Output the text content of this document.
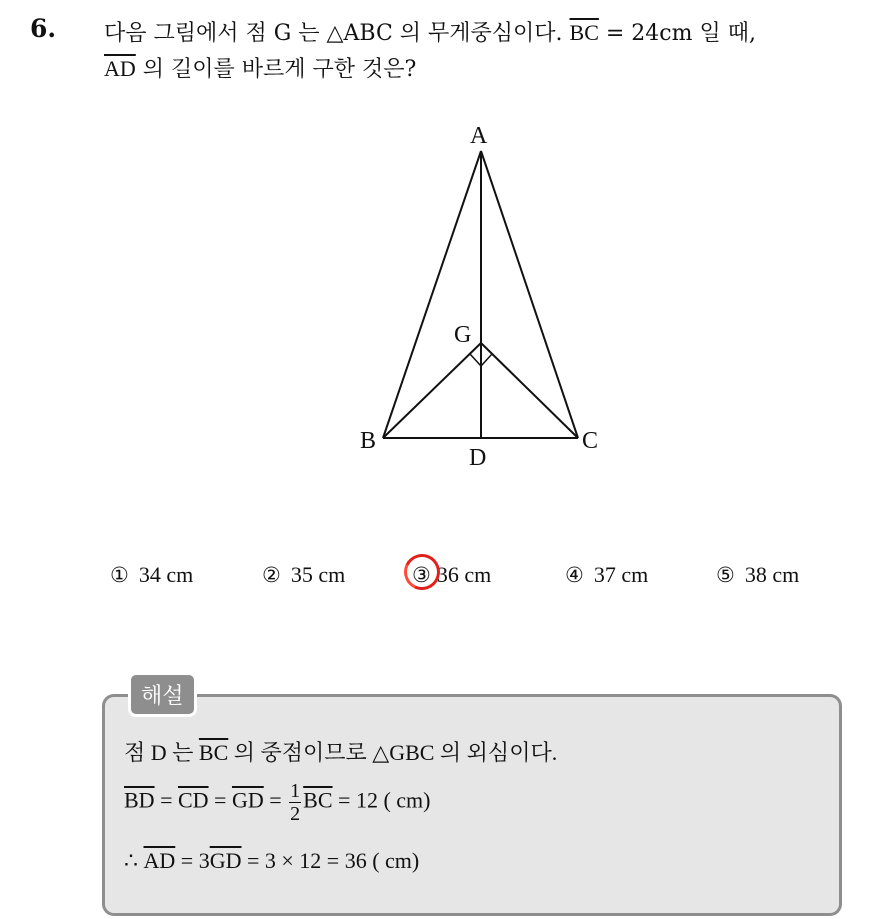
6. 다음 그림에서 점 G 는 △ABC 의 무게중심이다. $\overline{BC} = 24cm$ 일 때,
$\overline{AD}$ 의 길이를 바르게 구한 것은?
A
G
B	C
D
① 34 cm	② 35 cm	③ 36 cm	④ 37 cm	⑤ 38 cm
해설
점 D 는 $\overline{BC}$ 의 중점이므로 △GBC 의 외심이다.
$\overline{BD} = \overline{CD} = \overline{GD} = \frac{1}{2} \overline{BC} = 12$ ( cm)
∴ $\overline{AD} = 3\overline{GD} = 3 \times 12 = 36$ ( cm)
